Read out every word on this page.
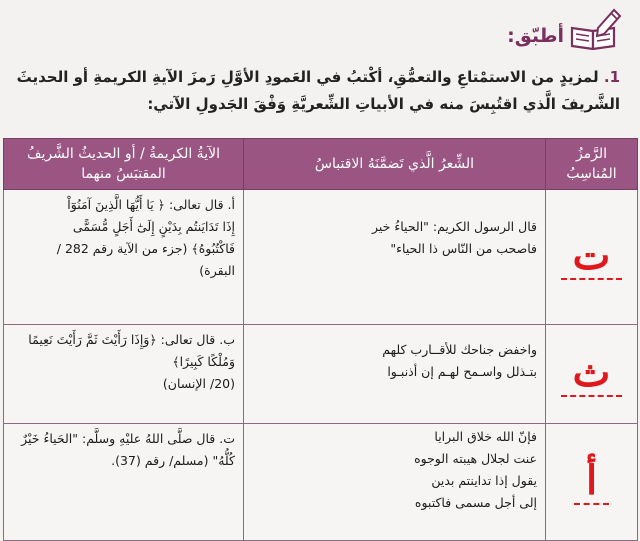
أطبّق:
1. لمزيدٍ من الاستمْتاعِ والتعمُّقِ، أكْتبُ في العَمودِ الأوَّلِ رَمزَ الآيةِ الكريمةِ أو الحديثَ الشَّريفَ الَّذي اقتُبِسَ منه في الأبياتِ الشِّعريَّةِ وَفْقَ الجَدولِ الآتي:
الرَّمزُ المُناسِبُ	الشِّعرُ الَّذي تَضمَّنَهُ الاقتباسُ	الآيةُ الكريمةُ / أو الحديثُ الشَّريفُ
المقتبَسُ منهما

ت	قال الرسول الكريم: "الحياءُ خير
فاصحب من النّاس ذا الحياء"	أ. قال تعالى: ﴿ يَا أَيُّهَا الَّذِينَ آمَنُوٓاْ
إِذَا تَدَايَنتُم بِدَيْنٍ إِلَىٰٓ أَجَلٍ مُّسَمًّى
فَاكْتُبُوهُ﴾ (جزء من الآية رقم 282 /
البقرة)

ث	واخفض جناحك للأقــارب كلهم
بتـذلل واسـمح لهـم إن أذنبـوا	ب. قال تعالى: ﴿وَإِذَا رَأَيْتَ ثَمَّ رَأَيْتَ نَعِيمًا
وَمُلْكًا كَبِيرًا﴾
(20/ الإنسان)

أ	فإنّ الله خلاق البرايا
عنت لجلال هيبته الوجوه
يقول إذا تداينتم بدين
إلى أجل مسمى فاكتبوه	ت. قال صلَّى اللهُ عليْهِ وسلَّم: "الحَياءُ خَيْرٌ
كُلُّهُ" (مسلم/ رقم (37).
